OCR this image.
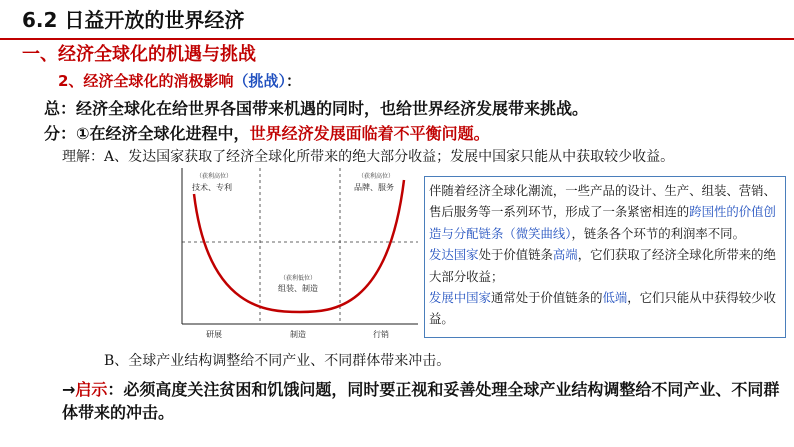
6.2 日益开放的世界经济
一、经济全球化的机遇与挑战
2、经济全球化的消极影响（挑战）：
总：经济全球化在给世界各国带来机遇的同时，也给世界经济发展带来挑战。
分：①在经济全球化进程中，世界经济发展面临着不平衡问题。
理解：A、发达国家获取了经济全球化所带来的绝大部分收益；发展中国家只能从中获取较少收益。
（获利高位）
技术、专利
（获利高位）
品牌、服务
（获利低位）
组装、制造
研展	制造	行销
伴随着经济全球化潮流，一些产品的设计、生产、组装、营销、售后服务等一系列环节，形成了一条紧密相连的跨国性的价值创造与分配链条（微笑曲线），链条各个环节的利润率不同。
发达国家处于价值链条高端，它们获取了经济全球化所带来的绝大部分收益；
发展中国家通常处于价值链条的低端，它们只能从中获得较少收益。
B、全球产业结构调整给不同产业、不同群体带来冲击。
→启示：必须高度关注贫困和饥饿问题，同时要正视和妥善处理全球产业结构调整给不同产业、不同群体带来的冲击。
